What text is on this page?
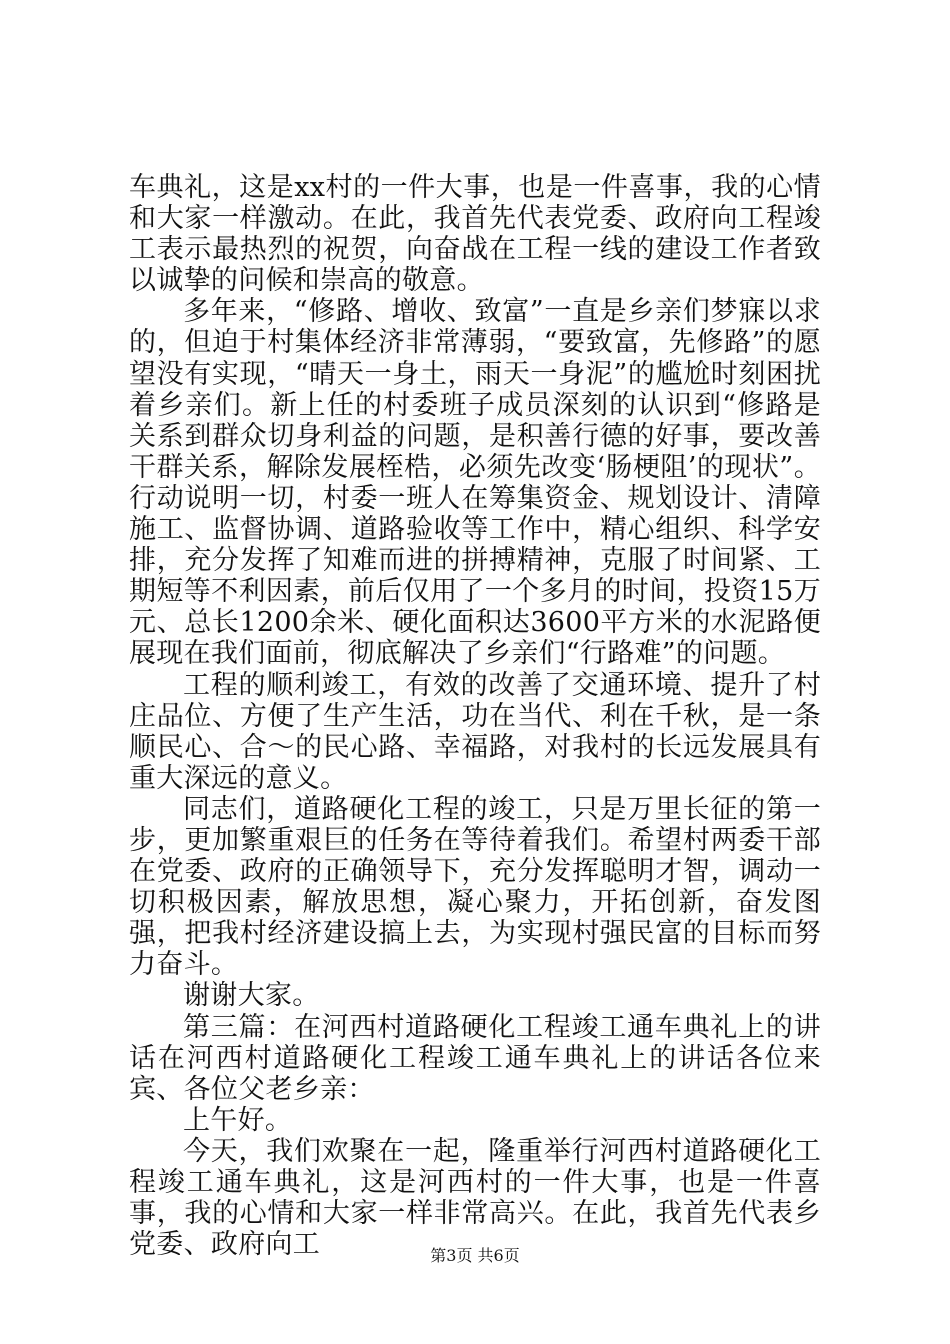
车典礼，这是xx村的一件大事，也是一件喜事，我的心情和大家一样激动。在此，我首先代表党委、政府向工程竣工表示最热烈的祝贺，向奋战在工程一线的建设工作者致以诚挚的问候和崇高的敬意。

多年来，“修路、增收、致富”一直是乡亲们梦寐以求的，但迫于村集体经济非常薄弱，“要致富，先修路”的愿望没有实现，“晴天一身土，雨天一身泥”的尴尬时刻困扰着乡亲们。新上任的村委班子成员深刻的认识到“修路是关系到群众切身利益的问题，是积善行德的好事，要改善干群关系，解除发展桎梏，必须先改变‘肠梗阻’的现状”。行动说明一切，村委一班人在筹集资金、规划设计、清障施工、监督协调、道路验收等工作中，精心组织、科学安排，充分发挥了知难而进的拼搏精神，克服了时间紧、工期短等不利因素，前后仅用了一个多月的时间，投资15万元、总长1200余米、硬化面积达3600平方米的水泥路便展现在我们面前，彻底解决了乡亲们“行路难”的问题。

工程的顺利竣工，有效的改善了交通环境、提升了村庄品位、方便了生产生活，功在当代、利在千秋，是一条顺民心、合～的民心路、幸福路，对我村的长远发展具有重大深远的意义。

同志们，道路硬化工程的竣工，只是万里长征的第一步，更加繁重艰巨的任务在等待着我们。希望村两委干部在党委、政府的正确领导下，充分发挥聪明才智，调动一切积极因素，解放思想，凝心聚力，开拓创新，奋发图强，把我村经济建设搞上去，为实现村强民富的目标而努力奋斗。

谢谢大家。

第三篇：在河西村道路硬化工程竣工通车典礼上的讲话在河西村道路硬化工程竣工通车典礼上的讲话各位来宾、各位父老乡亲：

上午好。

今天，我们欢聚在一起，隆重举行河西村道路硬化工程竣工通车典礼，这是河西村的一件大事，也是一件喜事，我的心情和大家一样非常高兴。在此，我首先代表乡党委、政府向工	第3页 共6页
